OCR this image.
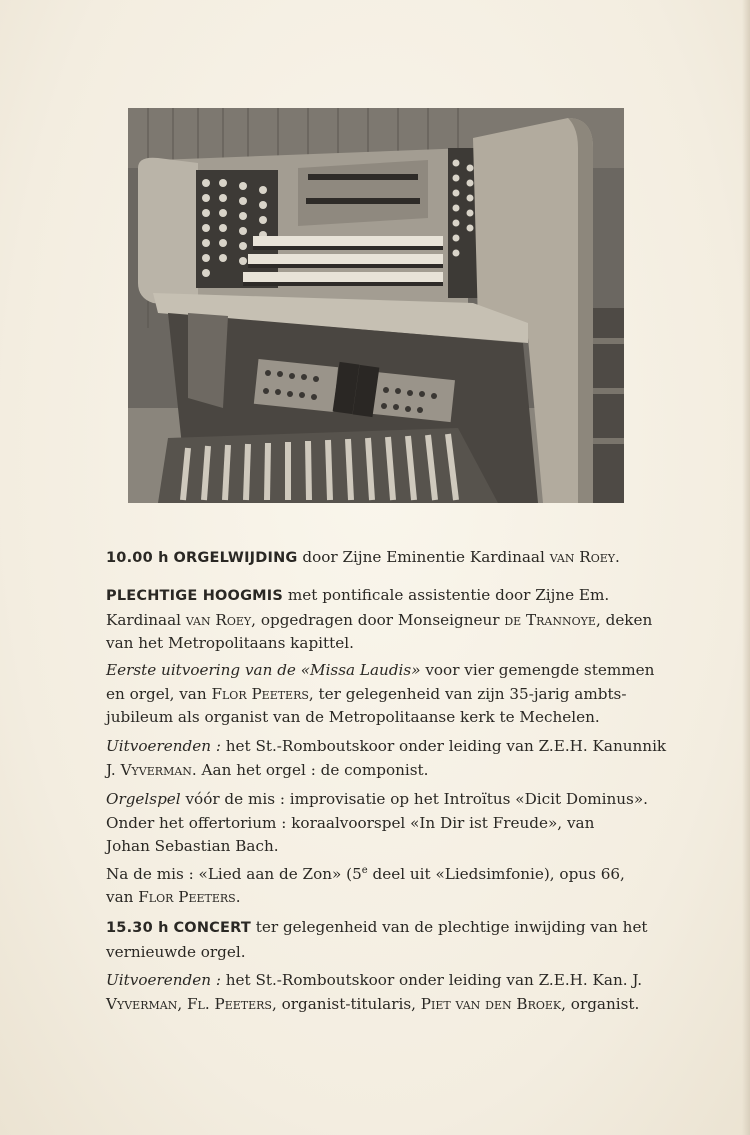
10.00 h ORGELWIJDING door Zijne Eminentie Kardinaal van Roey.

PLECHTIGE HOOGMIS met pontificale assistentie door Zijne Em.

Kardinaal van Roey, opgedragen door Monseigneur de Trannoye, deken

van het Metropolitaans kapittel.

Eerste uitvoering van de «Missa Laudis» voor vier gemengde stemmen

en orgel, van Flor Peeters, ter gelegenheid van zijn 35-jarig ambts-

jubileum als organist van de Metropolitaanse kerk te Mechelen.

Uitvoerenden : het St.-Romboutskoor onder leiding van Z.E.H. Kanunnik

J. Vyverman. Aan het orgel : de componist.

Orgelspel vóór de mis : improvisatie op het Introïtus «Dicit Dominus».

Onder het offertorium : koraalvoorspel «In Dir ist Freude», van

Johan Sebastian Bach.

Na de mis : «Lied aan de Zon» (5e deel uit «Liedsimfonie), opus 66,

van Flor Peeters.

15.30 h CONCERT ter gelegenheid van de plechtige inwijding van het

vernieuwde orgel.

Uitvoerenden : het St.-Romboutskoor onder leiding van Z.E.H. Kan. J.

Vyverman, Fl. Peeters, organist-titularis, Piet van den Broek, organist.
